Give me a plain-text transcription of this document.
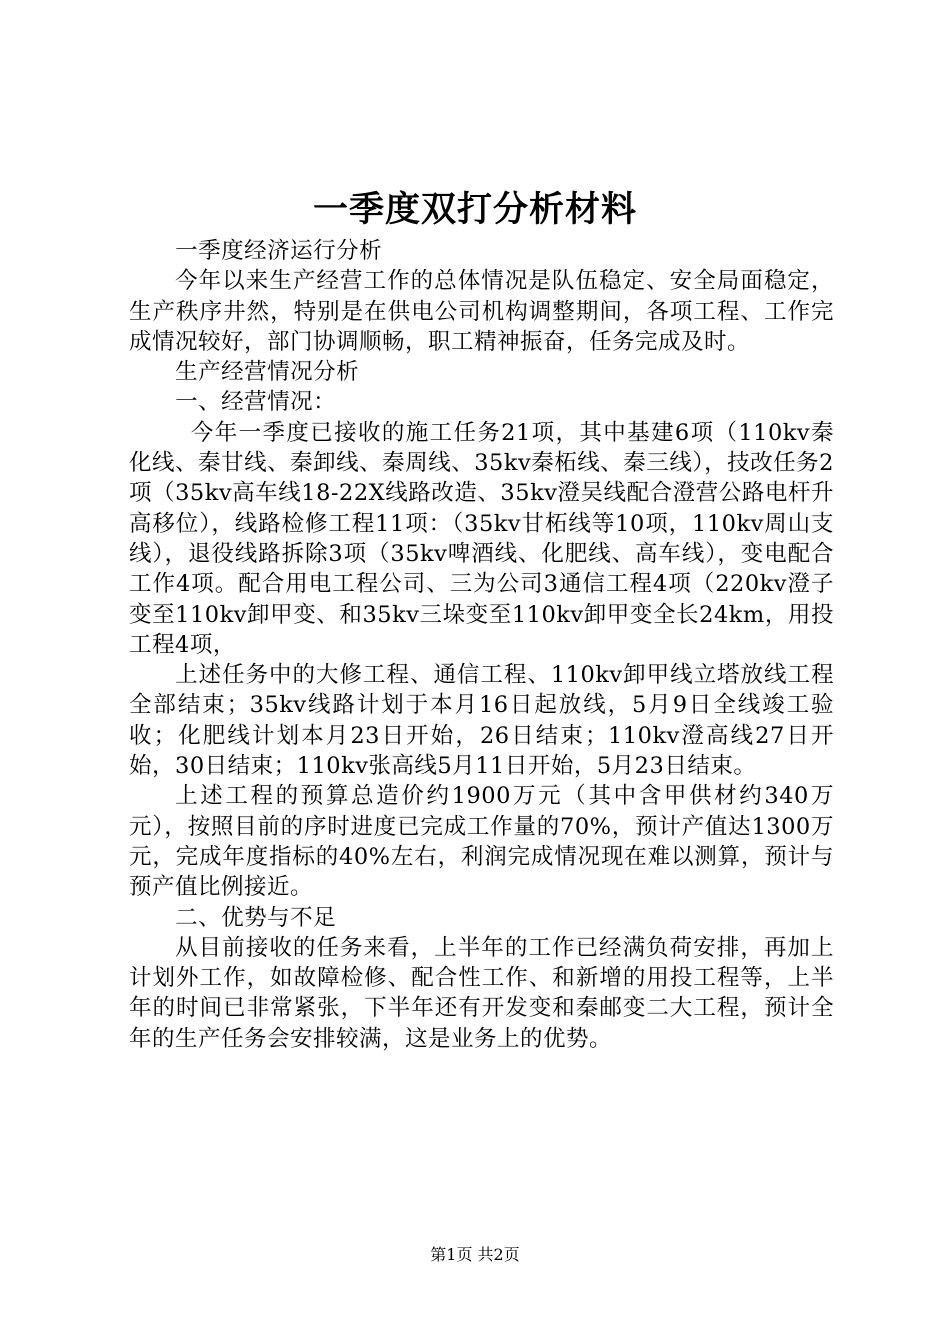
一季度双打分析材料

一季度经济运行分析

今年以来生产经营工作的总体情况是队伍稳定、安全局面稳定，生产秩序井然，特别是在供电公司机构调整期间，各项工程、工作完成情况较好，部门协调顺畅，职工精神振奋，任务完成及时。

生产经营情况分析

一、经营情况：

今年一季度已接收的施工任务21项，其中基建6项（110kv秦化线、秦甘线、秦卸线、秦周线、35kv秦柘线、秦三线），技改任务2项（35kv高车线18-22X线路改造、35kv澄吴线配合澄营公路电杆升高移位），线路检修工程11项：（35kv甘柘线等10项，110kv周山支线），退役线路拆除3项（35kv啤酒线、化肥线、高车线），变电配合工作4项。配合用电工程公司、三为公司3通信工程4项（220kv澄子变至110kv卸甲变、和35kv三垛变至110kv卸甲变全长24km，用投工程4项，

上述任务中的大修工程、通信工程、110kv卸甲线立塔放线工程全部结束；35kv线路计划于本月16日起放线，5月9日全线竣工验收；化肥线计划本月23日开始，26日结束；110kv澄高线27日开始，30日结束；110kv张高线5月11日开始，5月23日结束。

上述工程的预算总造价约1900万元（其中含甲供材约340万元），按照目前的序时进度已完成工作量的70%，预计产值达1300万元，完成年度指标的40%左右，利润完成情况现在难以测算，预计与预产值比例接近。

二、优势与不足

从目前接收的任务来看，上半年的工作已经满负荷安排，再加上计划外工作，如故障检修、配合性工作、和新增的用投工程等，上半年的时间已非常紧张，下半年还有开发变和秦邮变二大工程，预计全年的生产任务会安排较满，这是业务上的优势。

第1页 共2页
